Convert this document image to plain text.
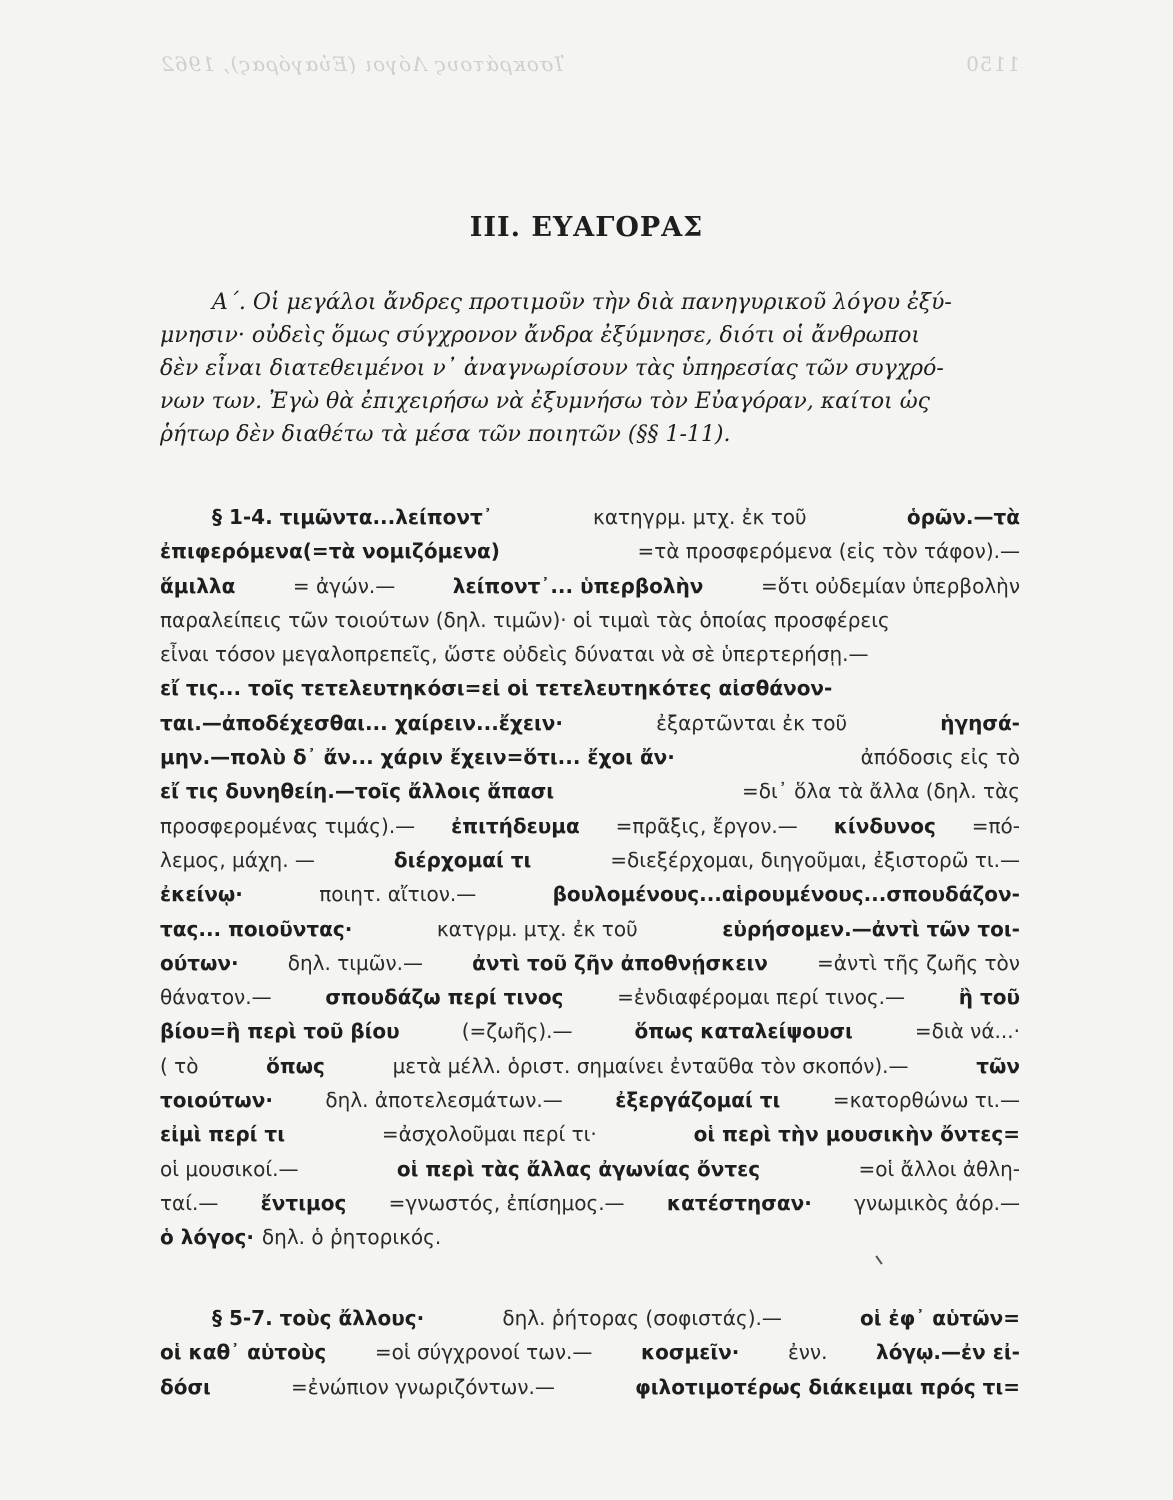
1150
Ἰσοκράτους Λόγοι (Εὐαγόρας), 1962
III. ΕΥΑΓΟΡΑΣ
Α΄. Οἱ μεγάλοι ἄνδρες προτιμοῦν τὴν διὰ πανηγυρικοῦ λόγου ἐξύ-
μνησιν· οὐδεὶς ὅμως σύγχρονον ἄνδρα ἐξύμνησε, διότι οἱ ἄνθρωποι
δὲν εἶναι διατεθειμένοι ν᾿ ἀναγνωρίσουν τὰς ὑπηρεσίας τῶν συγχρό-
νων των. Ἐγὼ θὰ ἐπιχειρήσω νὰ ἐξυμνήσω τὸν Εὐαγόραν, καίτοι ὡς
ῥήτωρ δὲν διαθέτω τὰ μέσα τῶν ποιητῶν (§§ 1-11).
§ 1-4. τιμῶντα...λείποντ᾿	κατηγρμ. μτχ. ἐκ τοῦ	ὁρῶν.—τὰ
ἐπιφερόμενα(=τὰ νομιζόμενα)	=τὰ προσφερόμενα (εἰς τὸν τάφον).—
ἅμιλλα	= ἀγών.—	λείποντ᾿... ὑπερβολὴν	=ὅτι οὐδεμίαν ὑπερβολὴν
παραλείπεις τῶν τοιούτων (δηλ. τιμῶν)· οἱ τιμαὶ τὰς ὁποίας προσφέρεις
εἶναι τόσον μεγαλοπρεπεῖς, ὥστε οὐδεὶς δύναται νὰ σὲ ὑπερτερήσῃ.—
εἴ τις... τοῖς τετελευτηκόσι=εἰ οἱ τετελευτηκότες αἰσθάνον-
ται.—ἀποδέχεσθαι... χαίρειν...ἔχειν·	ἐξαρτῶνται ἐκ τοῦ	ἡγησά-
μην.—πολὺ δ᾿ ἄν... χάριν ἔχειν=ὅτι... ἔχοι ἄν·	ἀπόδοσις εἰς τὸ
εἴ τις δυνηθείη.—τοῖς ἄλλοις ἅπασι	=δι᾿ ὅλα τὰ ἄλλα (δηλ. τὰς
προσφερομένας τιμάς).— ἐπιτήδευμα =πρᾶξις, ἔργον.— κίνδυνος =πό-
λεμος, μάχη. —	διέρχομαί τι	=διεξέρχομαι, διηγοῦμαι, ἐξιστορῶ τι.—
ἐκείνῳ·	ποιητ. αἴτιον.—	βουλομένους...αἱρουμένους...σπουδάζον-
τας... ποιοῦντας·	κατγρμ. μτχ. ἐκ τοῦ	εὑρήσομεν.—ἀντὶ τῶν τοι-
ούτων· δηλ. τιμῶν.— ἀντὶ τοῦ ζῆν ἀποθνῄσκειν =ἀντὶ τῆς ζωῆς τὸν
θάνατον.—	σπουδάζω περί τινος	=ἐνδιαφέρομαι περί τινος.—	ἢ τοῦ
βίου=ἢ περὶ τοῦ βίου	(=ζωῆς).—	ὅπως καταλείψουσι	=διὰ νά...·
( τὸ	ὅπως	μετὰ μέλλ. ὁριστ. σημαίνει ἐνταῦθα τὸν σκοπόν).—	τῶν
τοιούτων·	δηλ. ἀποτελεσμάτων.—	ἐξεργάζομαί τι	=κατορθώνω τι.—
εἰμὶ περί τι	=ἀσχολοῦμαι περί τι·	οἱ περὶ τὴν μουσικὴν ὄντες=
οἱ μουσικοί.—	οἱ περὶ τὰς ἄλλας ἀγωνίας ὄντες	=οἱ ἄλλοι ἀθλη-
ταί.— ἔντιμος =γνωστός, ἐπίσημος.— κατέστησαν· γνωμικὸς ἀόρ.—
ὁ λόγος· δηλ. ὁ ῥητορικός.
§ 5-7. τοὺς ἄλλους·	δηλ. ῥήτορας (σοφιστάς).—	οἱ ἐφ᾿ αὑτῶν=
οἱ καθ᾿ αὑτοὺς =οἱ σύγχρονοί των.— κοσμεῖν· ἐνν. λόγῳ.—ἐν εἰ-
δόσι	=ἐνώπιον γνωριζόντων.—	φιλοτιμοτέρως διάκειμαι πρός τι=
